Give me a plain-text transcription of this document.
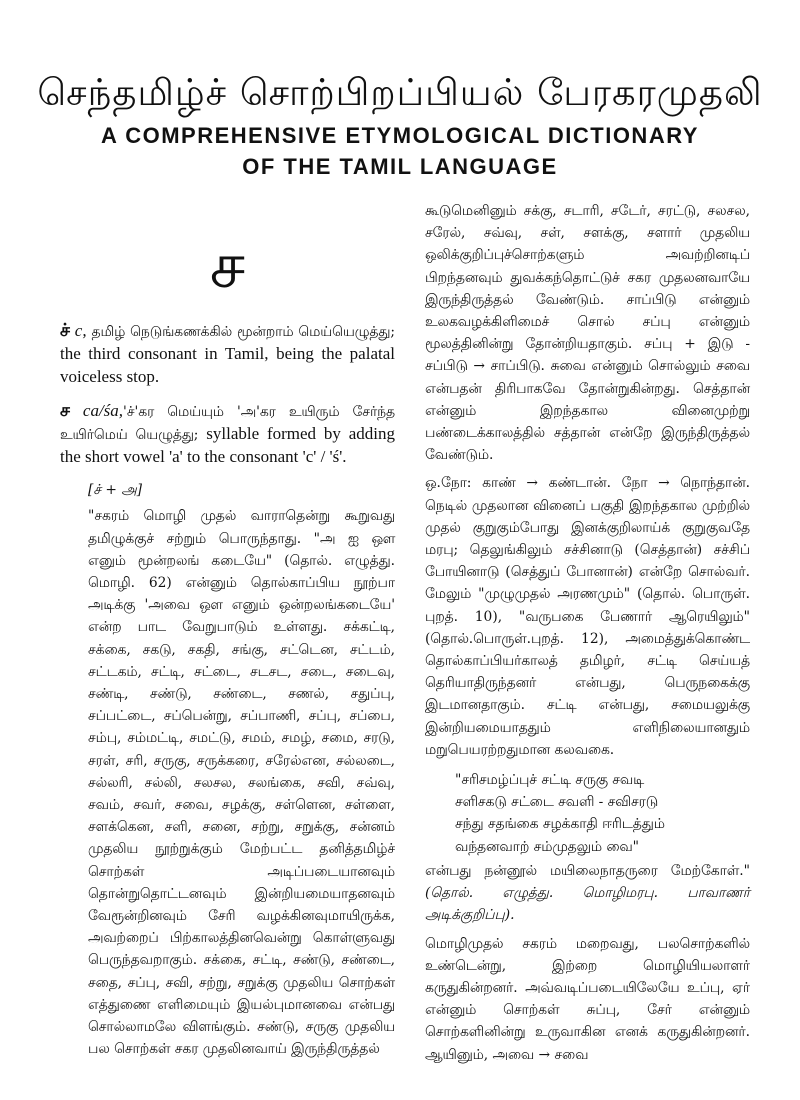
செந்தமிழ்ச் சொற்பிறப்பியல் பேரகரமுதலி

A COMPREHENSIVE ETYMOLOGICAL DICTIONARY

OF THE TAMIL LANGUAGE

ச

ச் c, தமிழ் நெடுங்கணக்கில் மூன்றாம் மெய்யெழுத்து; the third consonant in Tamil, being the palatal voiceless stop.

ச ca/śa,'ச்'கர மெய்யும் 'அ'கர உயிரும் சேர்ந்த உயிர்மெய் யெழுத்து; syllable formed by adding the short vowel 'a' to the consonant 'c' / 'ś'.

[ச் + அ]

"சகரம் மொழி முதல் வாராதென்று கூறுவது தமிழுக்குச் சற்றும் பொருந்தாது. "அ ஐ ஔ எனும் மூன்றலங் கடையே" (தொல். எழுத்து. மொழி. 62) என்னும் தொல்காப்பிய நூற்பா அடிக்கு 'அவை ஔ எனும் ஒன்றலங்கடையே' என்ற பாட வேறுபாடும் உள்ளது. சக்கட்டி, சக்கை, சகடு, சகதி, சங்கு, சட்டென, சட்டம், சட்டகம், சட்டி, சட்டை, சடசட, சடை, சடைவு, சண்டி, சண்டு, சண்டை, சணல், சதுப்பு, சப்பட்டை, சப்பென்று, சப்பாணி, சப்பு, சப்பை, சம்பு, சம்மட்டி, சமட்டு, சமம், சமழ், சமை, சரடு, சரள், சரி, சருகு, சருக்கரை, சரேல்என, சல்லடை, சல்லரி, சல்லி, சலசல, சலங்கை, சவி, சவ்வு, சவம், சவர், சவை, சழக்கு, சள்ளென, சள்ளை, சளக்கென, சளி, சனை, சற்று, சறுக்கு, சன்னம் முதலிய நூற்றுக்கும் மேற்பட்ட தனித்தமிழ்ச் சொற்கள் அடிப்படையானவும் தொன்றுதொட்டனவும் இன்றியமையாதனவும் வேரூன்றினவும் சேரி வழக்கினவுமாயிருக்க, அவற்றைப் பிற்காலத்தினவென்று கொள்ளுவது பெருந்தவறாகும். சக்கை, சட்டி, சண்டு, சண்டை, சதை, சப்பு, சவி, சற்று, சறுக்கு முதலிய சொற்கள் எத்துணை எளிமையும் இயல்புமானவை என்பது சொல்லாமலே விளங்கும். சண்டு, சருகு முதலிய பல சொற்கள் சகர முதலினவாய் இருந்திருத்தல்

கூடுமெனினும் சக்கு, சடாரி, சடேர், சரட்டு, சலசல, சரேல், சவ்வு, சள், சளக்கு, சளார் முதலிய ஒலிக்குறிப்புச்சொற்களும் அவற்றினடிப் பிறந்தனவும் துவக்கந்தொட்டுச் சகர முதலனவாயே இருந்திருத்தல் வேண்டும். சாப்பிடு என்னும் உலகவழக்கிளிமைச் சொல் சப்பு என்னும் மூலத்தினின்று தோன்றியதாகும். சப்பு + இடு - சப்பிடு → சாப்பிடு. சுவை என்னும் சொல்லும் சவை என்பதன் திரிபாகவே தோன்றுகின்றது. செத்தான் என்னும் இறந்தகால வினைமுற்று பண்டைக்காலத்தில் சத்தான் என்றே இருந்திருத்தல் வேண்டும்.

ஒ.நோ: காண் → கண்டான். நோ → நொந்தான். நெடில் முதலான வினைப் பகுதி இறந்தகால முற்றில் முதல் குறுகும்போது இனக்குறிலாய்க் குறுகுவதே மரபு; தெலுங்கிலும் சச்சினாடு (செத்தான்) சச்சிப் போயினாடு (செத்துப் போனான்) என்றே சொல்வர். மேலும் "முழுமுதல் அரணமும்" (தொல். பொருள். புறத். 10), "வருபகை பேணார் ஆரெயிலும்" (தொல்.பொருள்.புறத். 12), அமைத்துக்கொண்ட தொல்காப்பியர்காலத் தமிழர், சட்டி செய்யத் தெரியாதிருந்தனர் என்பது, பெருநகைக்கு இடமானதாகும். சட்டி என்பது, சமையலுக்கு இன்றியமையாததும் எளிநிலையானதும் மறுபெயரற்றதுமான கலவகை.

"சரிசமழ்ப்புச் சட்டி சருகு சவடி
சளிசகடு சட்டை சவளி - சவிசரடு
சந்து சதங்கை சழக்காதி ஈரிடத்தும்
வந்தனவாற் சம்முதலும் வை"

என்பது நன்னூல் மயிலைநாதருரை மேற்கோள்." (தொல். எழுத்து. மொழிமரபு. பாவாணர் அடிக்குறிப்பு).

மொழிமுதல் சகரம் மறைவது, பலசொற்களில் உண்டென்று, இற்றை மொழியியலாளர் கருதுகின்றனர். அவ்வடிப்படையிலேயே உப்பு, ஏர் என்னும் சொற்கள் சுப்பு, சேர் என்னும் சொற்களினின்று உருவாகின எனக் கருதுகின்றனர். ஆயினும், அவை → சவை
